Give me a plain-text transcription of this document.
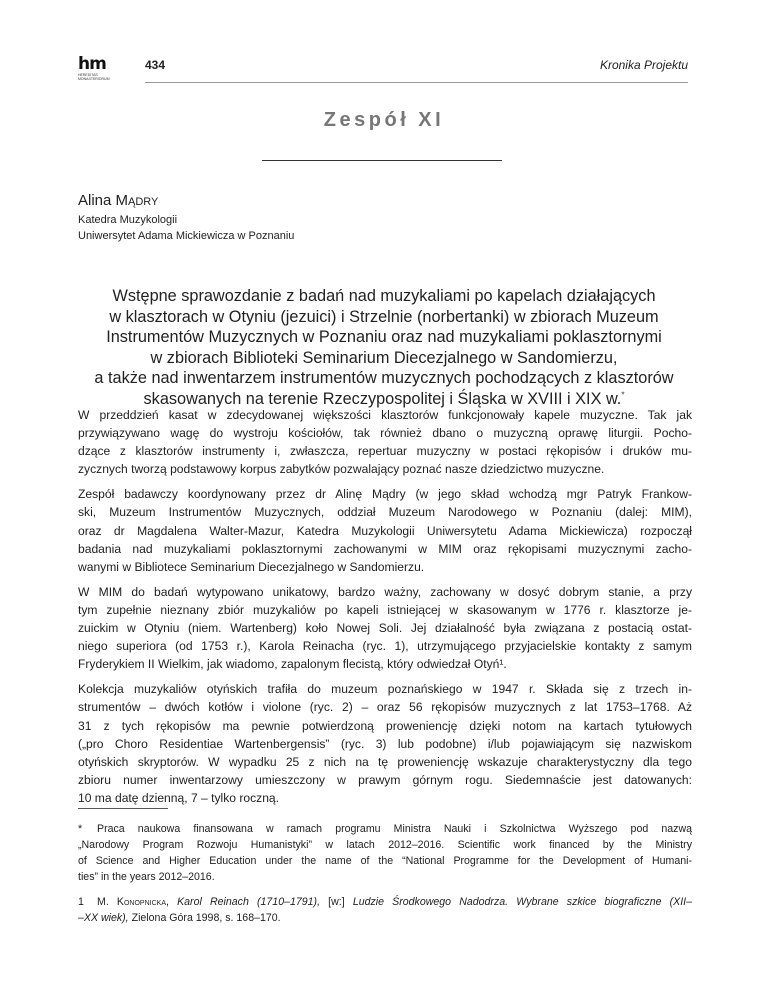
hm
HEREDITAS MONASTERIORUM
434	Kronika Projektu
Zespół XI
Alina Mądry
Katedra Muzykologii
Uniwersytet Adama Mickiewicza w Poznaniu
Wstępne sprawozdanie z badań nad muzykaliami po kapelach działających
w klasztorach w Otyniu (jezuici) i Strzelnie (norbertanki) w zbiorach Muzeum
Instrumentów Muzycznych w Poznaniu oraz nad muzykaliami poklasztornymi
w zbiorach Biblioteki Seminarium Diecezjalnego w Sandomierzu,
a także nad inwentarzem instrumentów muzycznych pochodzących z klasztorów
skasowanych na terenie Rzeczypospolitej i Śląska w XVIII i XIX w.*
W przeddzień kasat w zdecydowanej większości klasztorów funkcjonowały kapele muzyczne. Tak jak
przywiązywano wagę do wystroju kościołów, tak również dbano o muzyczną oprawę liturgii. Pocho-
dzące z klasztorów instrumenty i, zwłaszcza, repertuar muzyczny w postaci rękopisów i druków mu-
zycznych tworzą podstawowy korpus zabytków pozwalający poznać nasze dziedzictwo muzyczne.
Zespół badawczy koordynowany przez dr Alinę Mądry (w jego skład wchodzą mgr Patryk Frankow-
ski, Muzeum Instrumentów Muzycznych, oddział Muzeum Narodowego w Poznaniu (dalej: MIM),
oraz dr Magdalena Walter-Mazur, Katedra Muzykologii Uniwersytetu Adama Mickiewicza) rozpoczął
badania nad muzykaliami poklasztornymi zachowanymi w MIM oraz rękopisami muzycznymi zacho-
wanymi w Bibliotece Seminarium Diecezjalnego w Sandomierzu.
W MIM do badań wytypowano unikatowy, bardzo ważny, zachowany w dosyć dobrym stanie, a przy
tym zupełnie nieznany zbiór muzykaliów po kapeli istniejącej w skasowanym w 1776 r. klasztorze je-
zuickim w Otyniu (niem. Wartenberg) koło Nowej Soli. Jej działalność była związana z postacią ostat-
niego superiora (od 1753 r.), Karola Reinacha (ryc. 1), utrzymującego przyjacielskie kontakty z samym
Fryderykiem II Wielkim, jak wiadomo, zapalonym flecistą, który odwiedzał Otyń¹.
Kolekcja muzykaliów otyńskich trafiła do muzeum poznańskiego w 1947 r. Składa się z trzech in-
strumentów – dwóch kotłów i violone (ryc. 2) – oraz 56 rękopisów muzycznych z lat 1753–1768. Aż
31 z tych rękopisów ma pewnie potwierdzoną proweniencję dzięki notom na kartach tytułowych
(„pro Choro Residentiae Wartenbergensis” (ryc. 3) lub podobne) i/lub pojawiającym się nazwiskom
otyńskich skryptorów. W wypadku 25 z nich na tę proweniencję wskazuje charakterystyczny dla tego
zbioru numer inwentarzowy umieszczony w prawym górnym rogu. Siedemnaście jest datowanych:
10 ma datę dzienną, 7 – tylko roczną.
* Praca naukowa finansowana w ramach programu Ministra Nauki i Szkolnictwa Wyższego pod nazwą
„Narodowy Program Rozwoju Humanistyki” w latach 2012–2016. Scientific work financed by the Ministry
of Science and Higher Education under the name of the “National Programme for the Development of Humani-
ties” in the years 2012–2016.
1 M. Konopnicka, Karol Reinach (1710–1791), [w:] Ludzie Środkowego Nadodrza. Wybrane szkice biograficzne (XII–
–XX wiek), Zielona Góra 1998, s. 168–170.
